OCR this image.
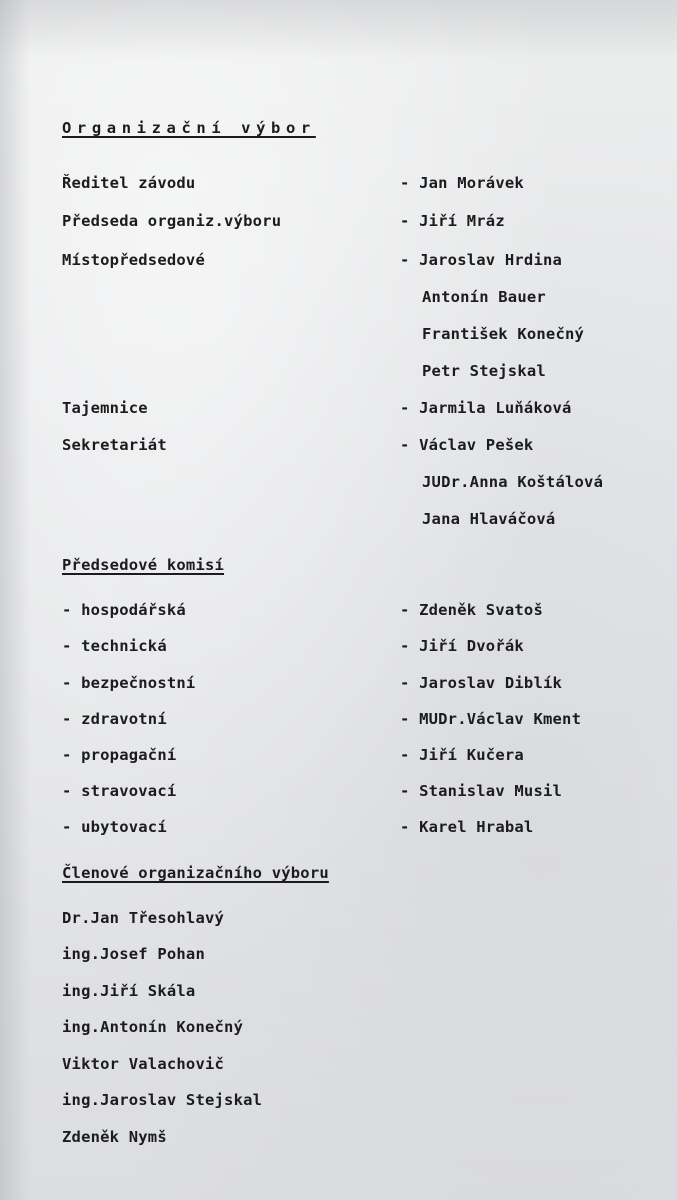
Organizační výbor
Ředitel závodu	- Jan Morávek
Předseda organiz.výboru	- Jiří Mráz
Místopředsedové	- Jaroslav Hrdina
Antonín Bauer
František Konečný
Petr Stejskal
Tajemnice	- Jarmila Luňáková
Sekretariát	- Václav Pešek
JUDr.Anna Koštálová
Jana Hlaváčová
Předsedové komisí
- hospodářská	- Zdeněk Svatoš
- technická	- Jiří Dvořák
- bezpečnostní	- Jaroslav Diblík
- zdravotní	- MUDr.Václav Kment
- propagační	- Jiří Kučera
- stravovací	- Stanislav Musil
- ubytovací	- Karel Hrabal
Členové organizačního výboru
Dr.Jan Třesohlavý
ing.Josef Pohan
ing.Jiří Skála
ing.Antonín Konečný
Viktor Valachovič
ing.Jaroslav Stejskal
Zdeněk Nymš
